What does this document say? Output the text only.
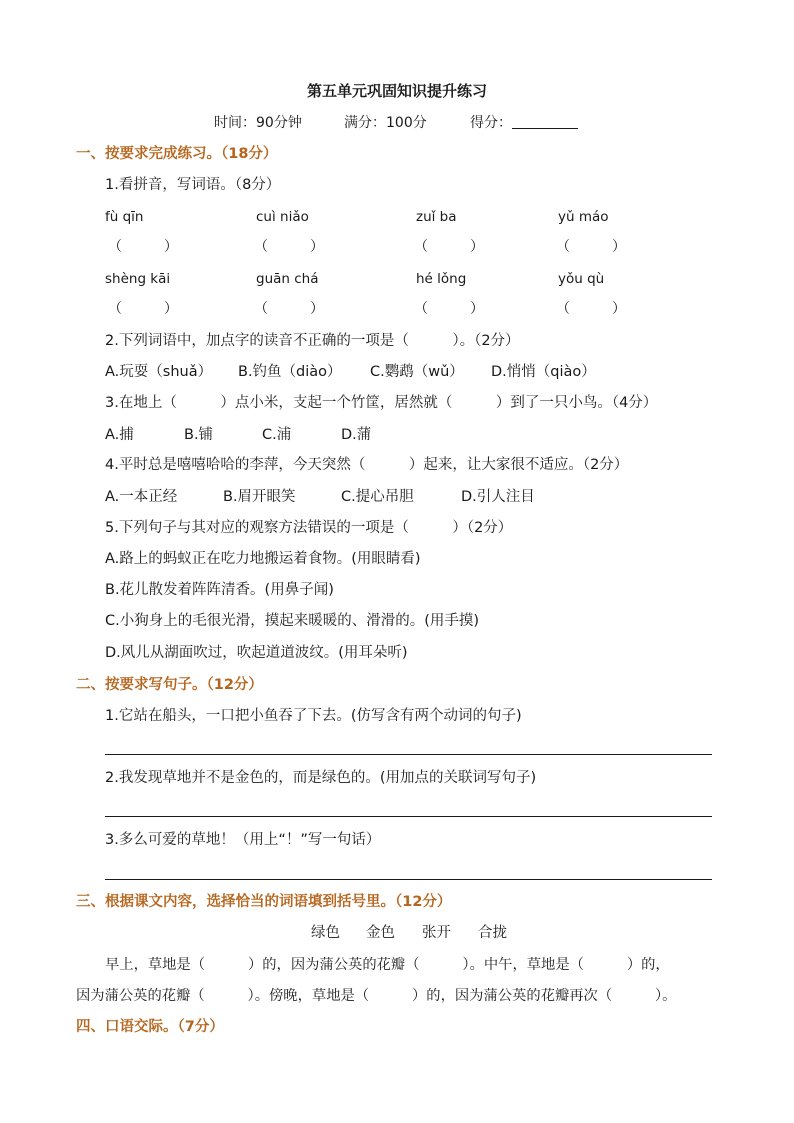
第五单元巩固知识提升练习
时间：90分钟	满分：100分	得分：
一、按要求完成练习。（18分）
1.看拼音，写词语。（8分）
fù qīn	cuì niǎo	zuǐ ba	yǔ máo
（　　　）	（　　　）	（　　　）	（　　　）
shèng kāi	guān chá	hé lǒng	yǒu qù
（　　　）	（　　　）	（　　　）	（　　　）
2.下列词语中，加点字的读音不正确的一项是（　　　）。（2分）
A.玩耍（shuǎ） B.钓鱼（diào） C.鹦鹉（wǔ） D.悄悄（qiào）
3.在地上（　　　）点小米，支起一个竹筐，居然就（　　　）到了一只小鸟。（4分）
A.捕	B.铺	C.浦	D.蒲
4.平时总是嘻嘻哈哈的李萍，今天突然（　　　）起来，让大家很不适应。（2分）
A.一本正经	B.眉开眼笑	C.提心吊胆	D.引人注目
5.下列句子与其对应的观察方法错误的一项是（　　　）（2分）
A.路上的蚂蚁正在吃力地搬运着食物。(用眼睛看)
B.花儿散发着阵阵清香。(用鼻子闻)
C.小狗身上的毛很光滑，摸起来暖暖的、滑滑的。(用手摸)
D.风儿从湖面吹过，吹起道道波纹。(用耳朵听)
二、按要求写句子。（12分）
1.它站在船头，一口把小鱼吞了下去。(仿写含有两个动词的句子)
2.我发现草地并不是金色的，而是绿色的。(用加点的关联词写句子)
3.多么可爱的草地！（用上“！”写一句话）
三、根据课文内容，选择恰当的词语填到括号里。（12分）
绿色 金色 张开 合拢
早上，草地是（　　　）的，因为蒲公英的花瓣（　　　）。中午，草地是（　　　）的，
因为蒲公英的花瓣（　　　）。傍晚，草地是（　　　）的，因为蒲公英的花瓣再次（　　　）。
四、口语交际。（7分）
